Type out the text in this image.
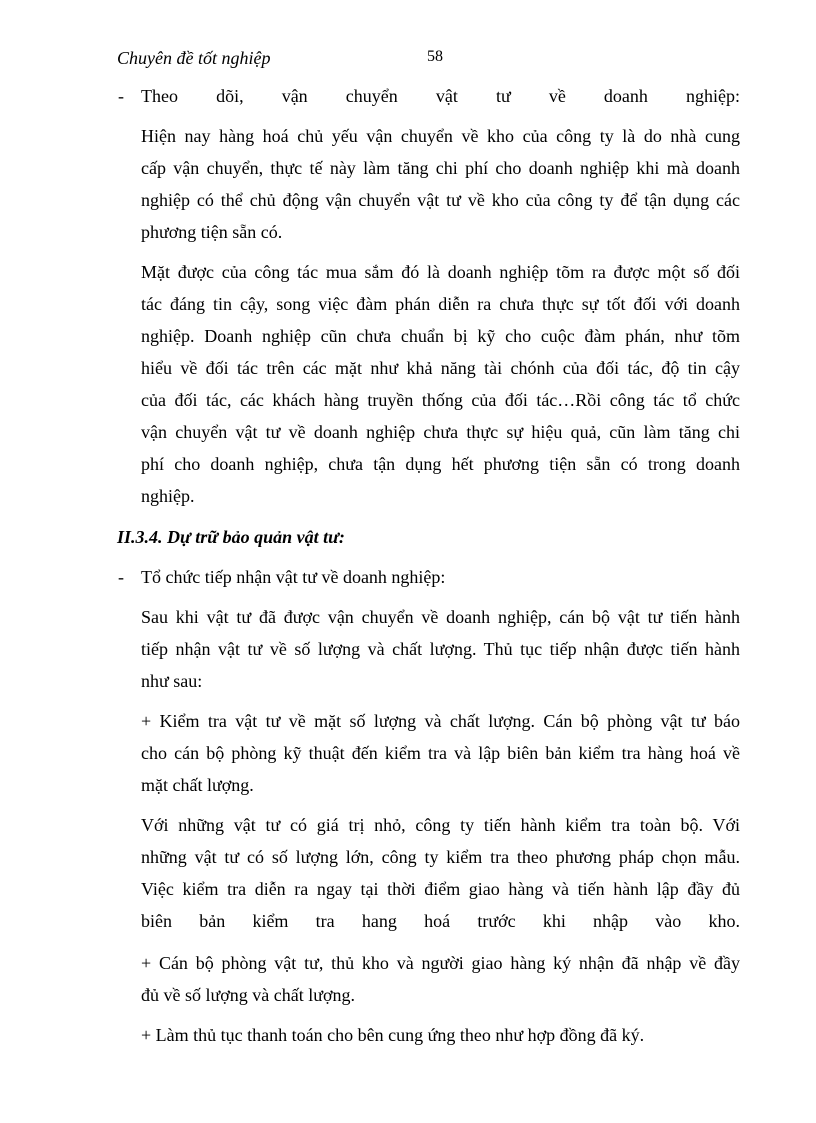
Chuyên đề tốt nghiệp	58
- Theo dõi, vận chuyển vật tư về doanh nghiệp:
Hiện nay hàng hoá chủ yếu vận chuyển về kho của công ty là do nhà cung
cấp vận chuyển, thực tế này làm tăng chi phí cho doanh nghiệp khi mà doanh
nghiệp có thể chủ động vận chuyển vật tư về kho của công ty để tận dụng các
phương tiện sẵn có.
Mặt được của công tác mua sắm đó là doanh nghiệp tõm ra được một số đối
tác đáng tin cậy, song việc đàm phán diễn ra chưa thực sự tốt đối với doanh
nghiệp. Doanh nghiệp cũn chưa chuẩn bị kỹ cho cuộc đàm phán, như tõm
hiểu về đối tác trên các mặt như khả năng tài chónh của đối tác, độ tin cậy
của đối tác, các khách hàng truyền thống của đối tác…Rồi công tác tổ chức
vận chuyển vật tư về doanh nghiệp chưa thực sự hiệu quả, cũn làm tăng chi
phí cho doanh nghiệp, chưa tận dụng hết phương tiện sẵn có trong doanh
nghiệp.
II.3.4. Dự trữ bảo quản vật tư:
- Tổ chức tiếp nhận vật tư về doanh nghiệp:
Sau khi vật tư đã được vận chuyển về doanh nghiệp, cán bộ vật tư tiến hành
tiếp nhận vật tư về số lượng và chất lượng. Thủ tục tiếp nhận được tiến hành
như sau:
+ Kiểm tra vật tư về mặt số lượng và chất lượng. Cán bộ phòng vật tư báo
cho cán bộ phòng kỹ thuật đến kiểm tra và lập biên bản kiểm tra hàng hoá về
mặt chất lượng.
Với những vật tư có giá trị nhỏ, công ty tiến hành kiểm tra toàn bộ. Với
những vật tư có số lượng lớn, công ty kiểm tra theo phương pháp chọn mẫu.
Việc kiểm tra diễn ra ngay tại thời điểm giao hàng và tiến hành lập đầy đủ
biên bản kiểm tra hang hoá trước khi nhập vào kho.
+ Cán bộ phòng vật tư, thủ kho và người giao hàng ký nhận đã nhập về đầy
đủ về số lượng và chất lượng.
+ Làm thủ tục thanh toán cho bên cung ứng theo như hợp đồng đã ký.
